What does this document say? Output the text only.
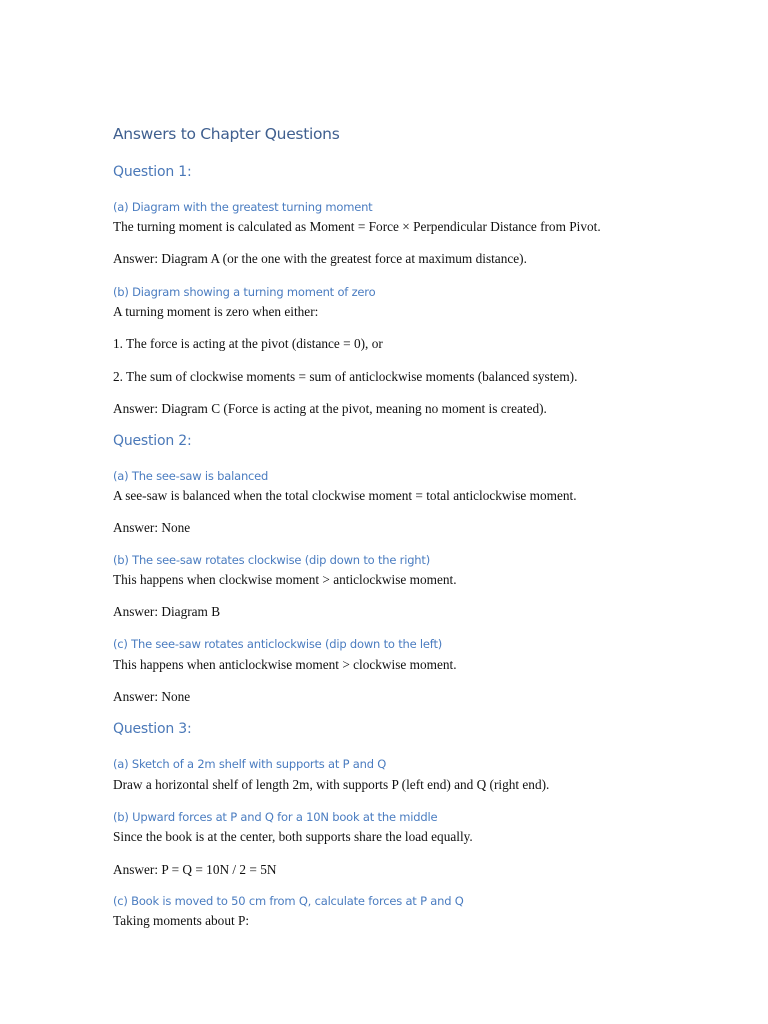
Answers to Chapter Questions
Question 1:
(a) Diagram with the greatest turning moment
The turning moment is calculated as Moment = Force × Perpendicular Distance from Pivot.
Answer: Diagram A (or the one with the greatest force at maximum distance).
(b) Diagram showing a turning moment of zero
A turning moment is zero when either:
1. The force is acting at the pivot (distance = 0), or
2. The sum of clockwise moments = sum of anticlockwise moments (balanced system).
Answer: Diagram C (Force is acting at the pivot, meaning no moment is created).
Question 2:
(a) The see-saw is balanced
A see-saw is balanced when the total clockwise moment = total anticlockwise moment.
Answer: None
(b) The see-saw rotates clockwise (dip down to the right)
This happens when clockwise moment > anticlockwise moment.
Answer: Diagram B
(c) The see-saw rotates anticlockwise (dip down to the left)
This happens when anticlockwise moment > clockwise moment.
Answer: None
Question 3:
(a) Sketch of a 2m shelf with supports at P and Q
Draw a horizontal shelf of length 2m, with supports P (left end) and Q (right end).
(b) Upward forces at P and Q for a 10N book at the middle
Since the book is at the center, both supports share the load equally.
Answer: P = Q = 10N / 2 = 5N
(c) Book is moved to 50 cm from Q, calculate forces at P and Q
Taking moments about P:
